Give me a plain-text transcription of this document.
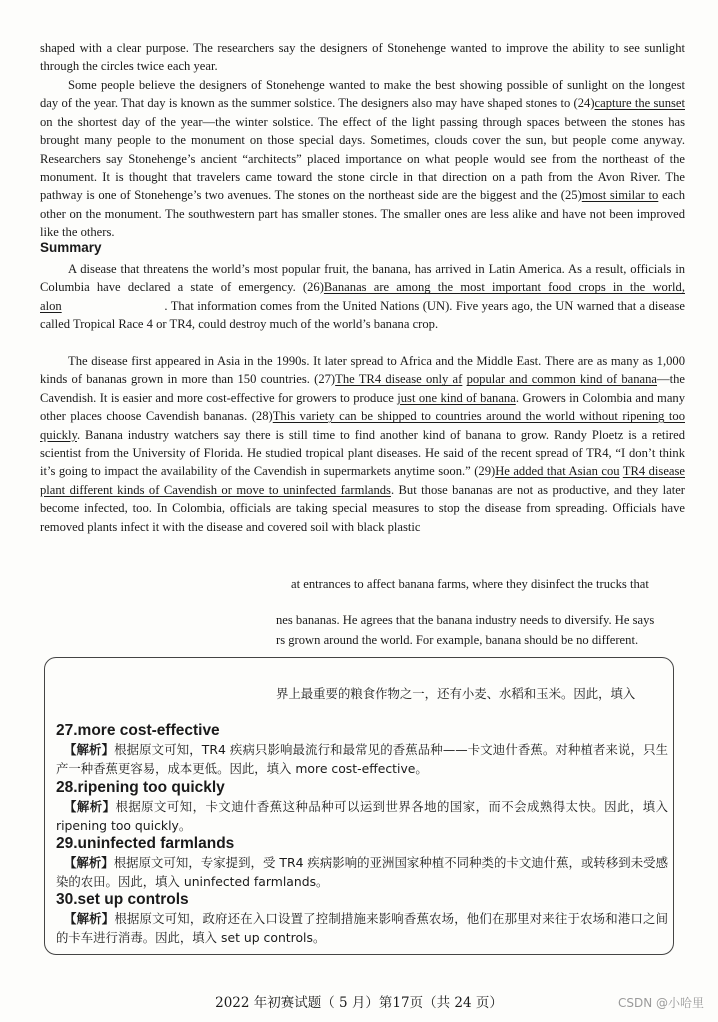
shaped with a clear purpose. The researchers say the designers of Stonehenge wanted to improve the ability to see sunlight through the circles twice each year.

Some people believe the designers of Stonehenge wanted to make the best showing possible of sunlight on the longest day of the year. That day is known as the summer solstice. The designers also may have shaped stones to (24)capture the sunset on the shortest day of the year—the winter solstice. The effect of the light passing through spaces between the stones has brought many people to the monument on those special days. Sometimes, clouds cover the sun, but people come anyway. Researchers say Stonehenge’s ancient “architects” placed importance on what people would see from the northeast of the monument. It is thought that travelers came toward the stone circle in that direction on a path from the Avon River. The pathway is one of Stonehenge’s two avenues. The stones on the northeast side are the biggest and the (25)most similar to each other on the monument. The southwestern part has smaller stones. The smaller ones are less alike and have not been improved like the others.

Summary

A disease that threatens the world’s most popular fruit, the banana, has arrived in Latin America. As a result, officials in Columbia have declared a state of emergency. (26)Bananas are among the most important food crops in the world, alon                              . That information comes from the United Nations (UN). Five years ago, the UN warned that a disease called Tropical Race 4 or TR4, could destroy much of the world’s banana crop.

The disease first appeared in Asia in the 1990s. It later spread to Africa and the Middle East. There are as many as 1,000 kinds of bananas grown in more than 150 countries. (27)The TR4 disease only af popular and common kind of banana—the Cavendish. It is easier and more cost-effective for growers to produce just one kind of banana. Growers in Colombia and many other places choose Cavendish bananas. (28)This variety can be shipped to countries around the world without ripening too quickly. Banana industry watchers say there is still time to find another kind of banana to grow. Randy Ploetz is a retired scientist from the University of Florida. He studied tropical plant diseases. He said of the recent spread of TR4, “I don’t think it’s going to impact the availability of the Cavendish in supermarkets anytime soon.” (29)He added that Asian cou TR4 disease plant different kinds of Cavendish or move to uninfected farmlands. But those bananas are not as productive, and they later become infected, too. In Colombia, officials are taking special measures to stop the disease from spreading. Officials have removed plants infect it with the disease and covered soil with black plastic

at entrances to affect banana farms, where they disinfect the trucks that

nes bananas. He agrees that the banana industry needs to diversify. He says

rs grown around the world. For example, banana should be no different.

界上最重要的粮食作物之一，还有小麦、水稻和玉米。因此，填入

27.more cost-effective

【解析】根据原文可知，TR4 疾病只影响最流行和最常见的香蕉品种——卡文迪什香蕉。对种植者来说，只生产一种香蕉更容易，成本更低。因此，填入 more cost-effective。

28.ripening too quickly

【解析】根据原文可知，卡文迪什香蕉这种品种可以运到世界各地的国家，而不会成熟得太快。因此，填入 ripening too quickly。

29.uninfected farmlands

【解析】根据原文可知，专家提到，受 TR4 疾病影响的亚洲国家种植不同种类的卡文迪什蕉，或转移到未受感染的农田。因此，填入 uninfected farmlands。

30.set up controls

【解析】根据原文可知，政府还在入口设置了控制措施来影响香蕉农场，他们在那里对来往于农场和港口之间的卡车进行消毒。因此，填入 set up controls。

2022 年初赛试题（ 5 月）第17页（共 24 页）	CSDN @小哈里
